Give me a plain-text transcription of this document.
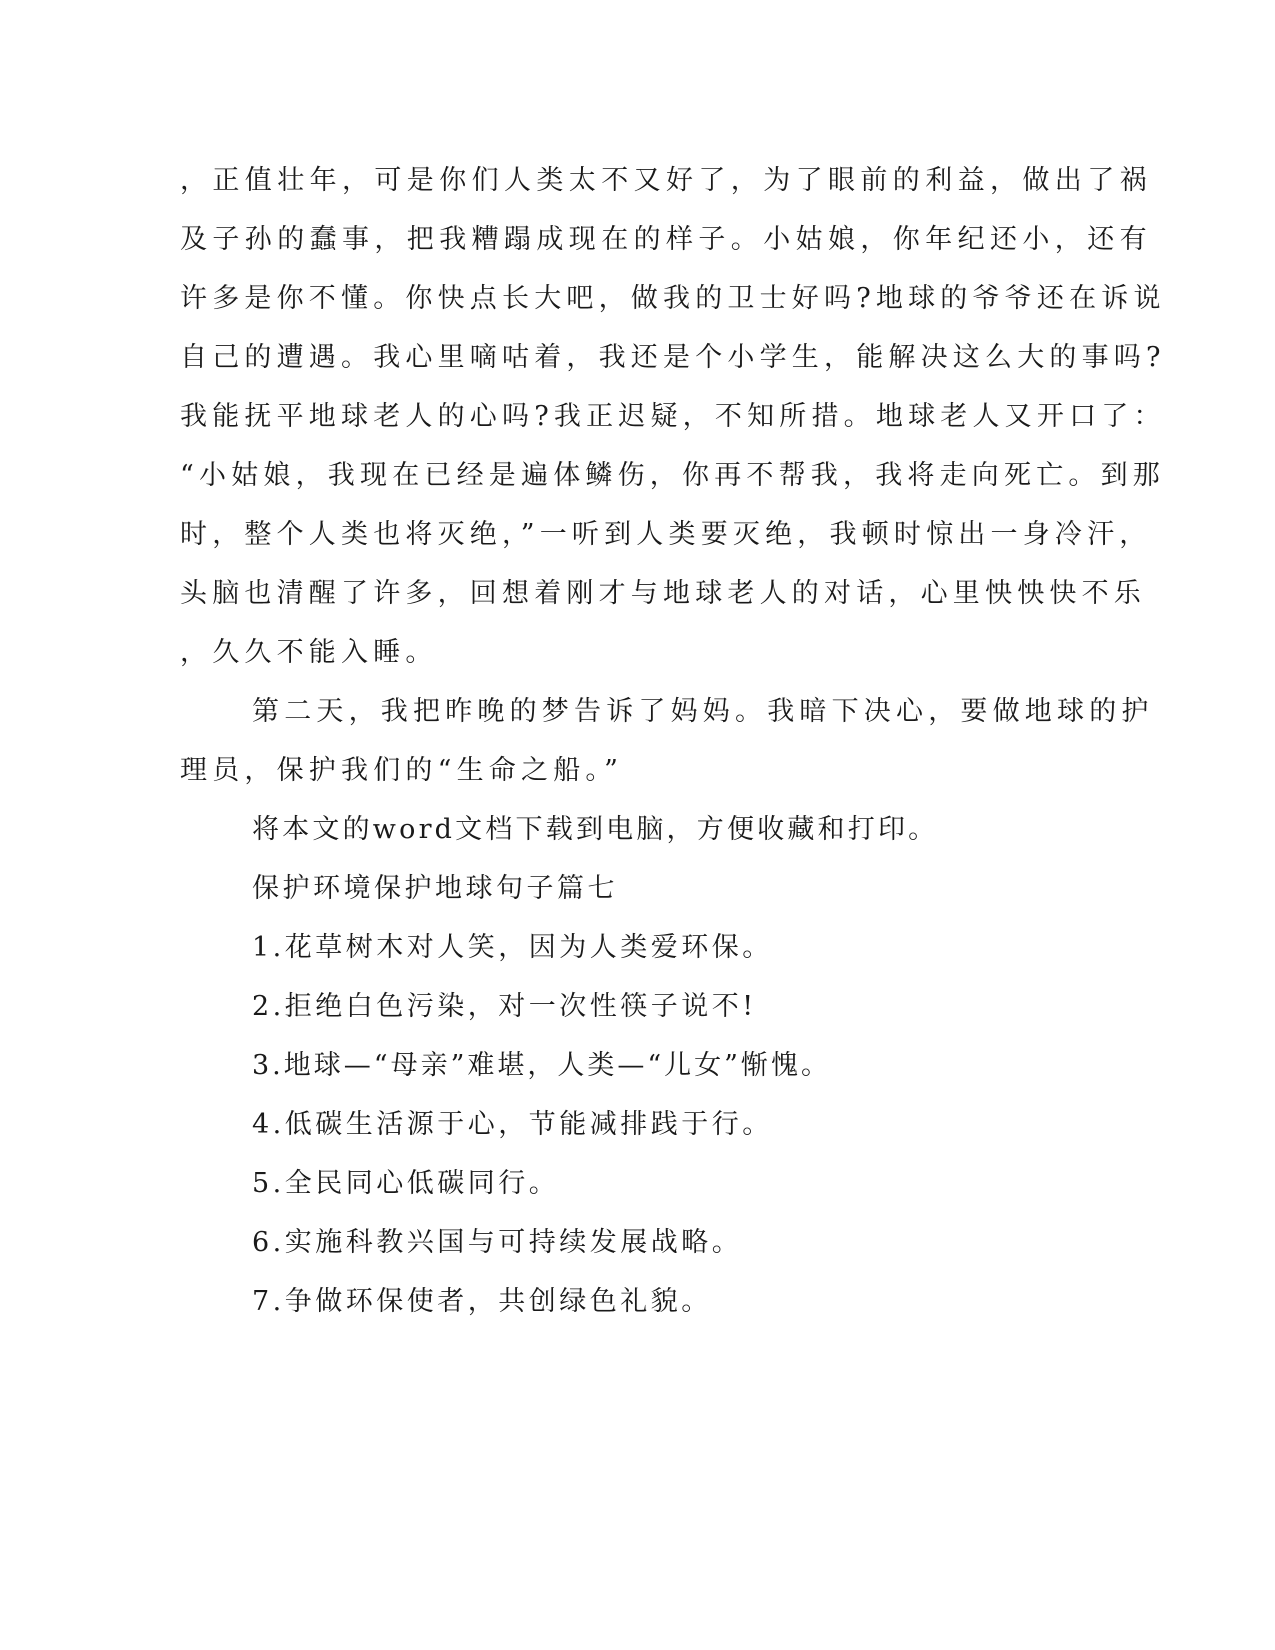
，正值壮年，可是你们人类太不又好了，为了眼前的利益，做出了祸
及子孙的蠢事，把我糟蹋成现在的样子。小姑娘，你年纪还小，还有
许多是你不懂。你快点长大吧，做我的卫士好吗?地球的爷爷还在诉说
自己的遭遇。我心里嘀咕着，我还是个小学生，能解决这么大的事吗?
我能抚平地球老人的心吗?我正迟疑，不知所措。地球老人又开口了：
“小姑娘，我现在已经是遍体鳞伤，你再不帮我，我将走向死亡。到那
时，整个人类也将灭绝，”一听到人类要灭绝，我顿时惊出一身冷汗，
头脑也清醒了许多，回想着刚才与地球老人的对话，心里怏怏快不乐
，久久不能入睡。
第二天，我把昨晚的梦告诉了妈妈。我暗下决心，要做地球的护
理员，保护我们的“生命之船。”
将本文的word文档下载到电脑，方便收藏和打印。
保护环境保护地球句子篇七
1.花草树木对人笑，因为人类爱环保。
2.拒绝白色污染，对一次性筷子说不!
3.地球—“母亲”难堪，人类—“儿女”惭愧。
4.低碳生活源于心，节能减排践于行。
5.全民同心低碳同行。
6.实施科教兴国与可持续发展战略。
7.争做环保使者，共创绿色礼貌。
